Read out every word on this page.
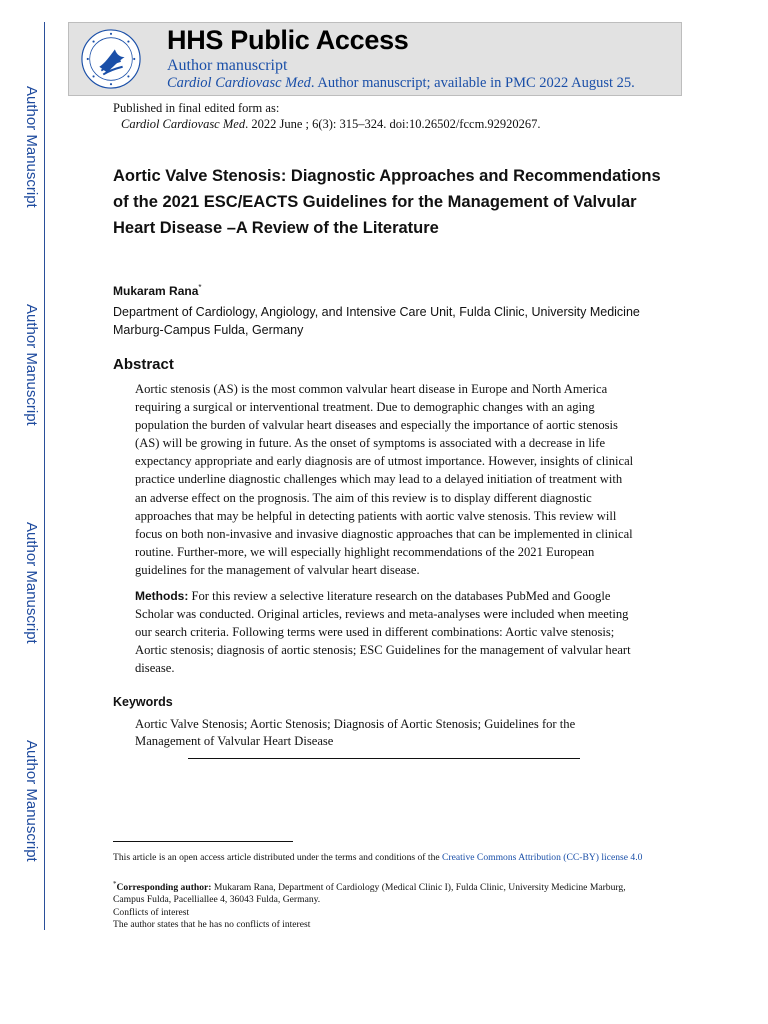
Author Manuscript
Author Manuscript
Author Manuscript
Author Manuscript
HHS Public Access
Author manuscript
Cardiol Cardiovasc Med. Author manuscript; available in PMC 2022 August 25.
Published in final edited form as:
Cardiol Cardiovasc Med. 2022 June ; 6(3): 315–324. doi:10.26502/fccm.92920267.
Aortic Valve Stenosis: Diagnostic Approaches and Recommendations of the 2021 ESC/EACTS Guidelines for the Management of Valvular Heart Disease –A Review of the Literature
Mukaram Rana*
Department of Cardiology, Angiology, and Intensive Care Unit, Fulda Clinic, University Medicine Marburg-Campus Fulda, Germany
Abstract
Aortic stenosis (AS) is the most common valvular heart disease in Europe and North America requiring a surgical or interventional treatment. Due to demographic changes with an aging population the burden of valvular heart diseases and especially the importance of aortic stenosis (AS) will be growing in future. As the onset of symptoms is associated with a decrease in life expectancy appropriate and early diagnosis are of utmost importance. However, insights of clinical practice underline diagnostic challenges which may lead to a delayed initiation of treatment with an adverse effect on the prognosis. The aim of this review is to display different diagnostic approaches that may be helpful in detecting patients with aortic valve stenosis. This review will focus on both non-invasive and invasive diagnostic approaches that can be implemented in clinical routine. Further-more, we will especially highlight recommendations of the 2021 European guidelines for the management of valvular heart disease.
Methods: For this review a selective literature research on the databases PubMed and Google Scholar was conducted. Original articles, reviews and meta-analyses were included when meeting our search criteria. Following terms were used in different combinations: Aortic valve stenosis; Aortic stenosis; diagnosis of aortic stenosis; ESC Guidelines for the management of valvular heart disease.
Keywords
Aortic Valve Stenosis; Aortic Stenosis; Diagnosis of Aortic Stenosis; Guidelines for the Management of Valvular Heart Disease
This article is an open access article distributed under the terms and conditions of the Creative Commons Attribution (CC-BY) license 4.0
*Corresponding author: Mukaram Rana, Department of Cardiology (Medical Clinic I), Fulda Clinic, University Medicine Marburg, Campus Fulda, Pacelliallee 4, 36043 Fulda, Germany.
Conflicts of interest
The author states that he has no conflicts of interest
